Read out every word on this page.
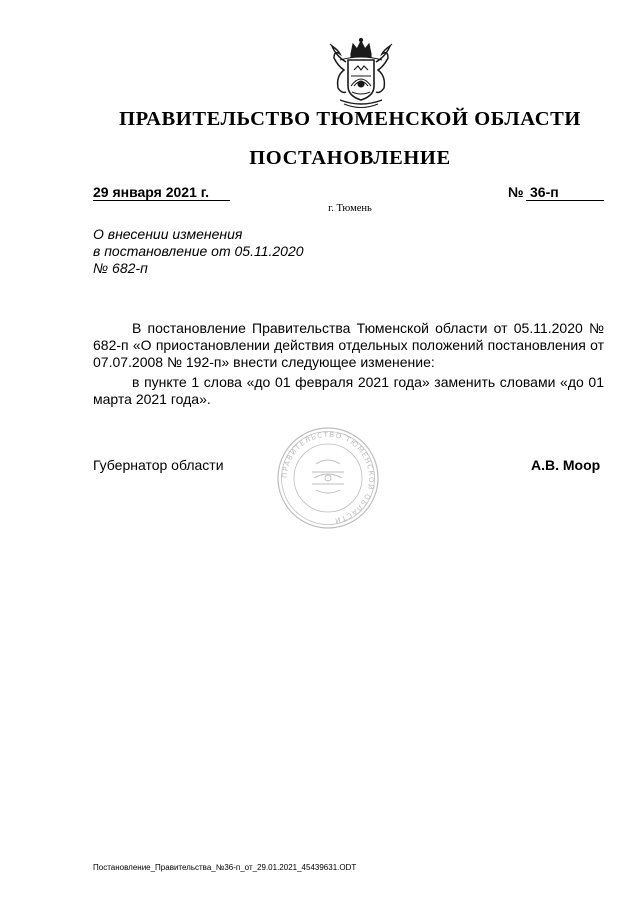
ПРАВИТЕЛЬСТВО ТЮМЕНСКОЙ ОБЛАСТИ
ПОСТАНОВЛЕНИЕ
29 января 2021 г.	№ 36-п
г. Тюмень
О внесении изменения
в постановление от 05.11.2020
№ 682-п

В постановление Правительства Тюменской области от 05.11.2020 № 682-п «О приостановлении действия отдельных положений постановления от 07.07.2008 № 192-п» внести следующее изменение:

в пункте 1 слова «до 01 февраля 2021 года» заменить словами «до 01 марта 2021 года».

ПРАВИТЕЛЬСТВО ТЮМЕНСКОЙ ОБЛАСТИ
Губернатор области	А.В. Моор
Постановление_Правительства_№36-п_от_29.01.2021_45439631.ODT
